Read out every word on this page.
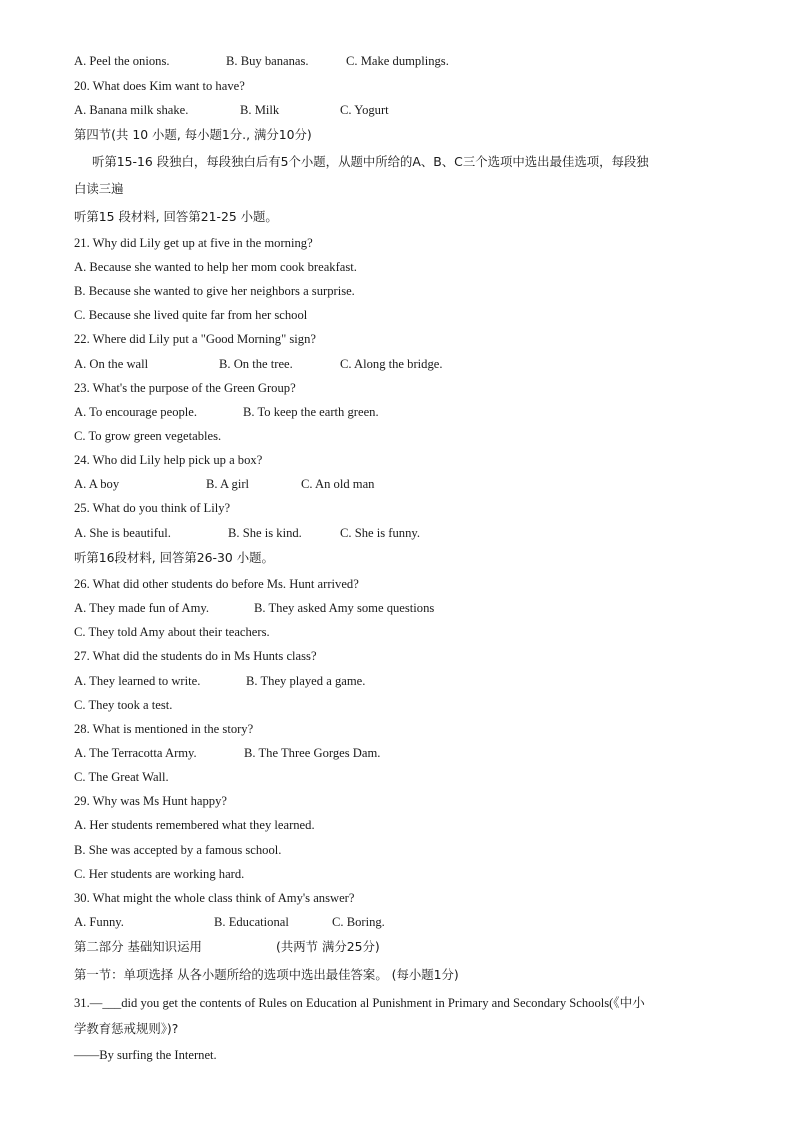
A. Peel the onions.	B. Buy bananas.	C. Make dumplings.
20. What does Kim want to have?
A. Banana milk shake.	B. Milk	C. Yogurt
第四节(共 10 小题, 每小题1分., 满分10分)
听第15-16 段独白，每段独白后有5个小题，从题中所给的A、B、C三个选项中选出最佳选项，每段独
白读三遍
听第15 段材料, 回答第21-25 小题。
21. Why did Lily get up at five in the morning?
A. Because she wanted to help her mom cook breakfast.
B. Because she wanted to give her neighbors a surprise.
C. Because she lived quite far from her school
22. Where did Lily put a "Good Morning" sign?
A. On the wall	B. On the tree.	C. Along the bridge.
23. What's the purpose of the Green Group?
A. To encourage people.	B. To keep the earth green.
C. To grow green vegetables.
24. Who did Lily help pick up a box?
A. A boy	B. A girl	C. An old man
25. What do you think of Lily?
A. She is beautiful.	B. She is kind.	C. She is funny.
听第16段材料, 回答第26-30 小题。
26. What did other students do before Ms. Hunt arrived?
A. They made fun of Amy.	B. They asked Amy some questions
C. They told Amy about their teachers.
27. What did the students do in Ms Hunts class?
A. They learned to write.	B. They played a game.
C. They took a test.
28. What is mentioned in the story?
A. The Terracotta Army.	B. The Three Gorges Dam.
C. The Great Wall.
29. Why was Ms Hunt happy?
A. Her students remembered what they learned.
B. She was accepted by a famous school.
C. Her students are working hard.
30. What might the whole class think of Amy's answer?
A. Funny.	B. Educational	C. Boring.
第二部分 基础知识运用	(共两节 满分25分)
第一节：单项选择 从各小题所给的选项中选出最佳答案。 (每小题1分)
31.—___did you get the contents of Rules on Education al Punishment in Primary and Secondary Schools(《中小
学教育惩戒规则》)?
——By surfing the Internet.
